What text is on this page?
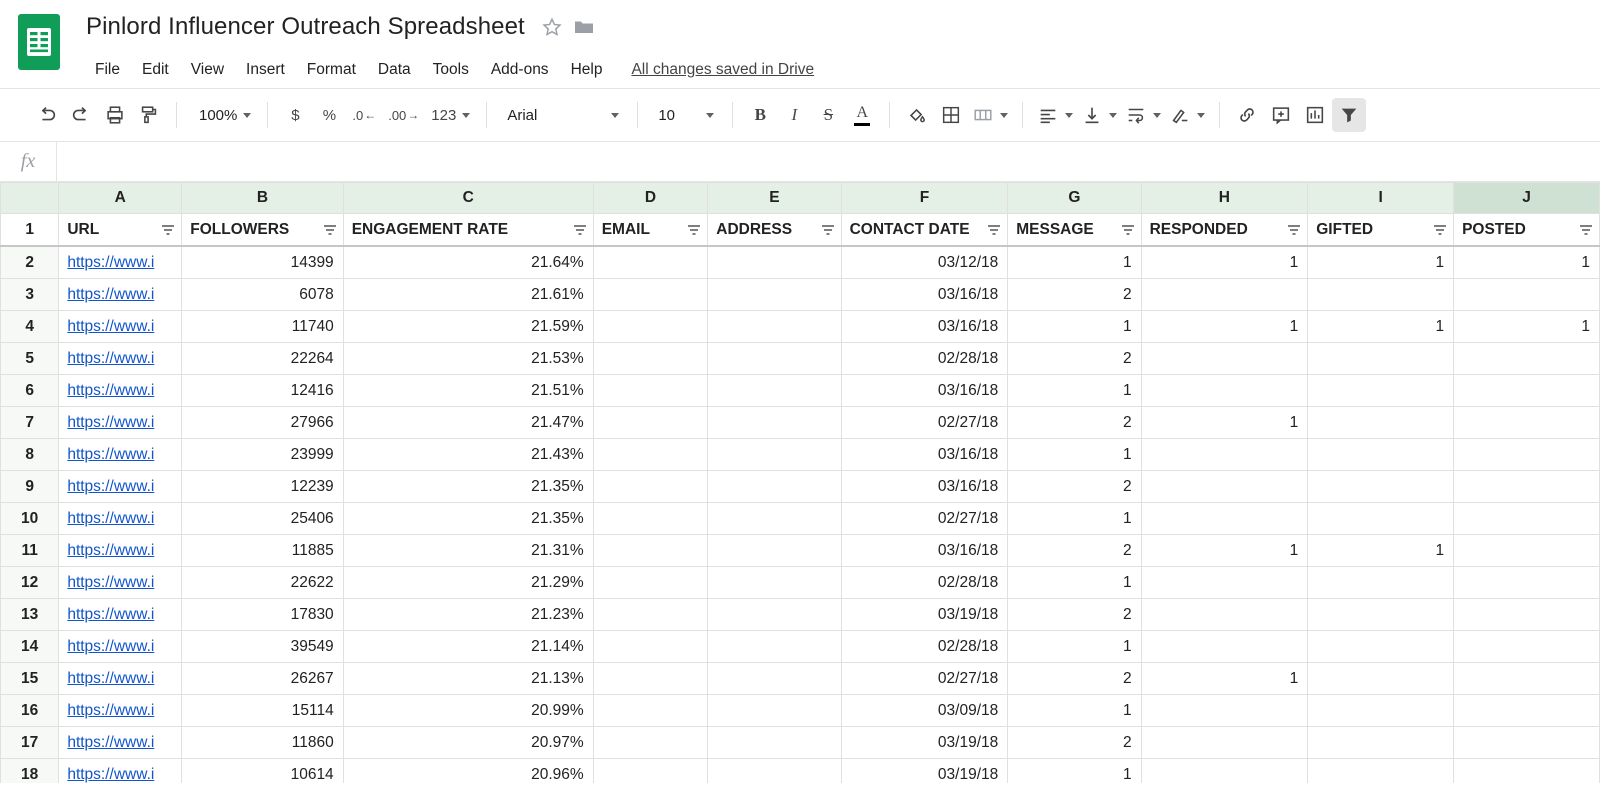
Pinlord Influencer Outreach Spreadsheet
File	Edit	View	Insert	Format	Data	Tools	Add-ons	Help	All changes saved in Drive
100%	$ % .0 ← .00 → 123	Arial	10	B I S A
fx
	A	B	C	D	E	F	G	H	I	J
1	URL	FOLLOWERS	ENGAGEMENT RATE	EMAIL	ADDRESS	CONTACT DATE	MESSAGE	RESPONDED	GIFTED	POSTED

2	https://www.i	14399	21.64%			03/12/18	1	1	1	1

3	https://www.i	6078	21.61%			03/16/18	2			

4	https://www.i	11740	21.59%			03/16/18	1	1	1	1

5	https://www.i	22264	21.53%			02/28/18	2			

6	https://www.i	12416	21.51%			03/16/18	1			

7	https://www.i	27966	21.47%			02/27/18	2	1		

8	https://www.i	23999	21.43%			03/16/18	1			

9	https://www.i	12239	21.35%			03/16/18	2			

10	https://www.i	25406	21.35%			02/27/18	1			

11	https://www.i	11885	21.31%			03/16/18	2	1	1	

12	https://www.i	22622	21.29%			02/28/18	1			

13	https://www.i	17830	21.23%			03/19/18	2			

14	https://www.i	39549	21.14%			02/28/18	1			

15	https://www.i	26267	21.13%			02/27/18	2	1		

16	https://www.i	15114	20.99%			03/09/18	1			

17	https://www.i	11860	20.97%			03/19/18	2			

18	https://www.i	10614	20.96%			03/19/18	1			
